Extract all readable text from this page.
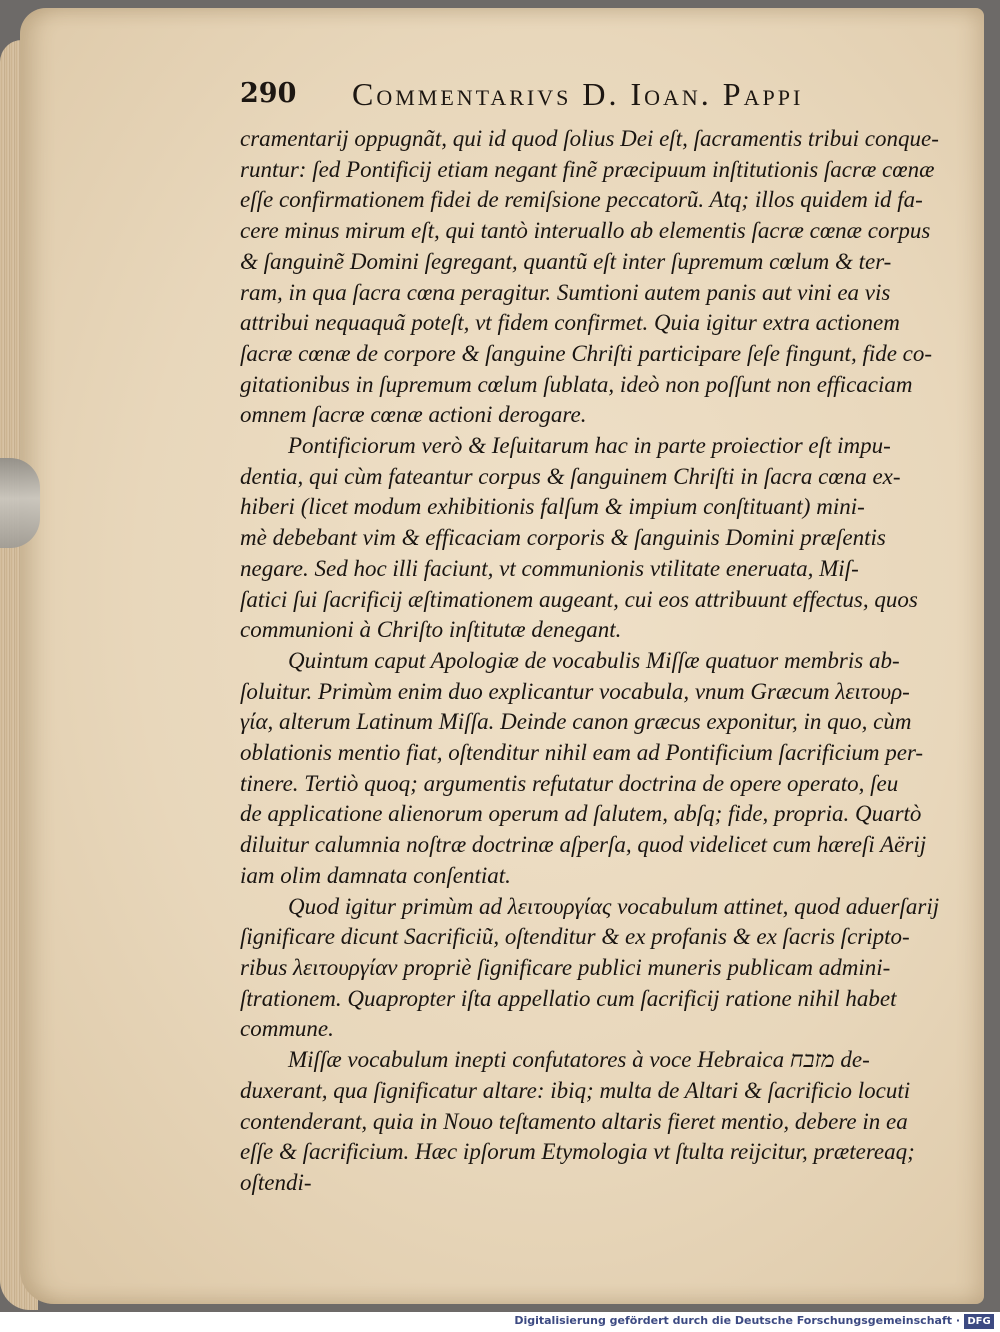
290 Commentarivs D. Ioan. Pappi
cramentarij oppugnãt, qui id quod ſolius Dei eſt, ſacramentis tribui conque-
runtur: ſed Pontificij etiam negant finẽ præcipuum inſtitutionis ſacræ cœnæ
eſſe confirmationem fidei de remiſsione peccatorũ. Atq; illos quidem id fa-
cere minus mirum eſt, qui tantò interuallo ab elementis ſacræ cœnæ corpus
& ſanguinẽ Domini ſegregant, quantũ eſt inter ſupremum cœlum & ter-
ram, in qua ſacra cœna peragitur. Sumtioni autem panis aut vini ea vis
attribui nequaquã poteſt, vt fidem confirmet. Quia igitur extra actionem
ſacræ cœnæ de corpore & ſanguine Chriſti participare ſeſe fingunt, fide co-
gitationibus in ſupremum cœlum ſublata, ideò non poſſunt non efficaciam
omnem ſacræ cœnæ actioni derogare.
Pontificiorum verò & Ieſuitarum hac in parte proiectior eſt impu-
dentia, qui cùm fateantur corpus & ſanguinem Chriſti in ſacra cœna ex-
hiberi (licet modum exhibitionis falſum & impium conſtituant) mini-
mè debebant vim & efficaciam corporis & ſanguinis Domini præſentis
negare. Sed hoc illi faciunt, vt communionis vtilitate eneruata, Miſ-
ſatici ſui ſacrificij æſtimationem augeant, cui eos attribuunt effectus, quos
communioni à Chriſto inſtitutæ denegant.
Quintum caput Apologiæ de vocabulis Miſſæ quatuor membris ab-
ſoluitur. Primùm enim duo explicantur vocabula, vnum Græcum λειτουρ-
γία, alterum Latinum Miſſa. Deinde canon græcus exponitur, in quo, cùm
oblationis mentio fiat, oſtenditur nihil eam ad Pontificium ſacrificium per-
tinere. Tertiò quoq; argumentis refutatur doctrina de opere operato, ſeu
de applicatione alienorum operum ad ſalutem, abſq; fide, propria. Quartò
diluitur calumnia noſtræ doctrinæ aſperſa, quod videlicet cum hæreſi Aërij
iam olim damnata conſentiat.
Quod igitur primùm ad λειτουργίας vocabulum attinet, quod aduerſarij
ſignificare dicunt Sacrificiũ, oſtenditur & ex profanis & ex ſacris ſcripto-
ribus λειτουργίαν propriè ſignificare publici muneris publicam admini-
ſtrationem. Quapropter iſta appellatio cum ſacrificij ratione nihil habet
commune.
Miſſæ vocabulum inepti confutatores à voce Hebraica מזבח de-
duxerant, qua ſignificatur altare: ibiq; multa de Altari & ſacrificio locuti
contenderant, quia in Nouo teſtamento altaris fieret mentio, debere in ea
eſſe & ſacrificium. Hæc ipſorum Etymologia vt ſtulta reijcitur, prætereaq;
oſtendi-
Digitalisierung gefördert durch die Deutsche Forschungsgemeinschaft · DFG
